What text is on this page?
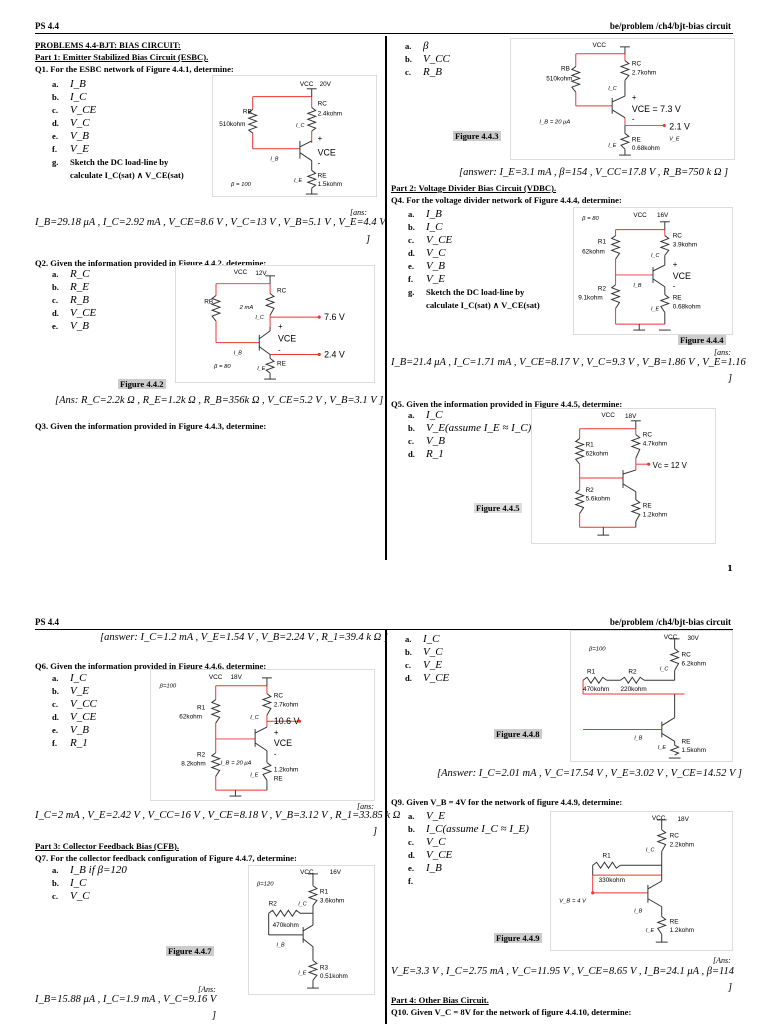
PS 4.4	be/problem /ch4/bjt-bias circuit
PROBLEMS 4.4-BJT: BIAS CIRCUIT:
Part 1: Emitter Stabilized Bias Circuit (ESBC).
Q1. For the ESBC network of Figure 4.4.1, determine:
a. I_B
b. I_C
c. V_CE
d. V_C
e. V_B
f. V_E
g. Sketch the DC load-line by
calculate I_C(sat) ∧ V_CE(sat)
VCC 20V
RB
510kohm
RC
2.4kohm
+
VCE
-
I_C
I_B
I_E
RE
1.5kohm
β = 100
[ans:
I_B=29.18 μA , I_C=2.92 mA , V_CE=8.6 V , V_C=13 V , V_B=5.1 V , V_E=4.4 V
]
Q2. Given the information provided in Figure 4.4.2, determine:
a. R_C
b. R_E
c. R_B
d. V_CE
e. V_B
VCC 12V
RB
RC
2 mA
I_C	7.6 V
+
VCE
-	2.4 V
I_B
RE
I_E
β = 80
Figure 4.4.2
[Ans: R_C=2.2k Ω , R_E=1.2k Ω , R_B=356k Ω , V_CE=5.2 V , V_B=3.1 V ]
Q3. Given the information provided in Figure 4.4.3, determine:
a. β
b. V_CC
c. R_B
VCC
RB
510kohm
RC
2.7kohm
I_C
+
VCE = 7.3 V
-
2.1 V
V_E
I_B = 20 μA
RE
0.68kohm
I_E
Figure 4.4.3
[answer: I_E=3.1 mA , β=154 , V_CC=17.8 V , R_B=750 k Ω ]
Part 2: Voltage Divider Bias Circuit (VDBC).
Q4. For the voltage divider network of Figure 4.4.4, determine:
a. I_B
b. I_C
c. V_CE
d. V_C
e. V_B
f. V_E
g. Sketch the DC load-line by
calculate I_C(sat) ∧ V_CE(sat)
β = 80	VCC 16V
R1
62kohm
RC
3.9kohm
I_C
+
VCE
-
R2
9.1kohm
I_B
RE
0.68kohm
I_E
Figure 4.4.4
[ans:
I_B=21.4 μA , I_C=1.71 mA , V_CE=8.17 V , V_C=9.3 V , V_B=1.86 V , V_E=1.16
]
Q5. Given the information provided in Figure 4.4.5, determine:
a. I_C
b. V_E(assume I_E ≈ I_C)
c. V_B
d. R_1
VCC 18V
R1
62kohm
RC
4.7kohm
Vc = 12 V
R2
5.6kohm
RE
1.2kohm
Figure 4.4.5
1
PS 4.4	be/problem /ch4/bjt-bias circuit
[answer: I_C=1.2 mA , V_E=1.54 V , V_B=2.24 V , R_1=39.4 k Ω ]
Q6. Given the information provided in Figure 4.4.6, determine:
a. I_C
b. V_E
c. V_CC
d. V_CE
e. V_B
f. R_1
β=100
VCC 18V
R1
62kohm
RC
2.7kohm
I_C 10.6 V
+
VCE
-
R2
8.2kohm I_B = 20 μA
1.2kohm
RE
I_E
[ans:
I_C=2 mA , V_E=2.42 V , V_CC=16 V , V_CE=8.18 V , V_B=3.12 V , R_1=33.85 k Ω
]
Part 3: Collector Feedback Bias (CFB).
Q7. For the collector feedback configuration of Figure 4.4.7, determine:
a. I_B if β=120
b. I_C
c. V_C
β=120
VCC 16V
R1
3.6kohm
I_C
R2
470kohm
I_B
R3
0.51kohm
I_E
Figure 4.4.7
[Ans:
I_B=15.88 μA , I_C=1.9 mA , V_C=9.16 V
]
a. I_C
b. V_C
c. V_E
d. V_CE
β=100
VCC 30V
RC
6.2kohm
I_C
R1	R2
470kohm 220kohm
I_B	RE
1.5kohm
I_E
Figure 4.4.8
[Answer: I_C=2.01 mA , V_C=17.54 V , V_E=3.02 V , V_CE=14.52 V ]
Q9. Given V_B = 4V for the network of figure 4.4.9, determine:
a. V_E
b. I_C(assume I_C ≈ I_E)
c. V_C
d. V_CE
e. I_B
f.
VCC 18V
RC
2.2kohm
I_C
R1
330kohm
V_B = 4 V
I_B
RE
1.2kohm
I_E
Figure 4.4.9
[Ans:
V_E=3.3 V , I_C=2.75 mA , V_C=11.95 V , V_CE=8.65 V , I_B=24.1 μA , β=114
]
Part 4: Other Bias Circuit.
Q10. Given V_C = 8V for the network of figure 4.4.10, determine:
